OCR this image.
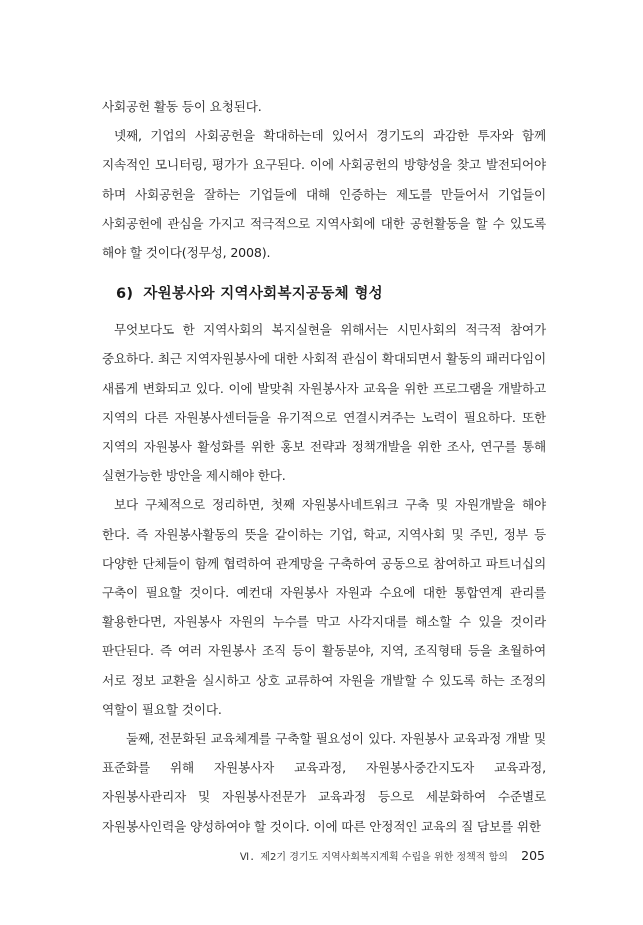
사회공헌 활동 등이 요청된다.

넷째, 기업의 사회공헌을 확대하는데 있어서 경기도의 과감한 투자와 함께 지속적인 모니터링, 평가가 요구된다. 이에 사회공헌의 방향성을 찾고 발전되어야 하며 사회공헌을 잘하는 기업들에 대해 인증하는 제도를 만들어서 기업들이 사회공헌에 관심을 가지고 적극적으로 지역사회에 대한 공헌활동을 할 수 있도록 해야 할 것이다(정무성, 2008).

6) 자원봉사와 지역사회복지공동체 형성

무엇보다도 한 지역사회의 복지실현을 위해서는 시민사회의 적극적 참여가 중요하다. 최근 지역자원봉사에 대한 사회적 관심이 확대되면서 활동의 패러다임이 새롭게 변화되고 있다. 이에 발맞춰 자원봉사자 교육을 위한 프로그램을 개발하고 지역의 다른 자원봉사센터들을 유기적으로 연결시켜주는 노력이 필요하다. 또한 지역의 자원봉사 활성화를 위한 홍보 전략과 정책개발을 위한 조사, 연구를 통해 실현가능한 방안을 제시해야 한다.

보다 구체적으로 정리하면, 첫째 자원봉사네트워크 구축 및 자원개발을 해야 한다. 즉 자원봉사활동의 뜻을 같이하는 기업, 학교, 지역사회 및 주민, 정부 등 다양한 단체들이 함께 협력하여 관계망을 구축하여 공동으로 참여하고 파트너십의 구축이 필요할 것이다. 예컨대 자원봉사 자원과 수요에 대한 통합연계 관리를 활용한다면, 자원봉사 자원의 누수를 막고 사각지대를 해소할 수 있을 것이라 판단된다. 즉 여러 자원봉사 조직 등이 활동분야, 지역, 조직형태 등을 초월하여 서로 정보 교환을 실시하고 상호 교류하여 자원을 개발할 수 있도록 하는 조정의 역할이 필요할 것이다.

둘째, 전문화된 교육체계를 구축할 필요성이 있다. 자원봉사 교육과정 개발 및 표준화를 위해 자원봉사자 교육과정, 자원봉사중간지도자 교육과정, 자원봉사관리자 및 자원봉사전문가 교육과정 등으로 세분화하여 수준별로 자원봉사인력을 양성하여야 할 것이다. 이에 따른 안정적인 교육의 질 담보를 위한

Ⅵ. 제2기 경기도 지역사회복지계획 수립을 위한 정책적 함의 205
